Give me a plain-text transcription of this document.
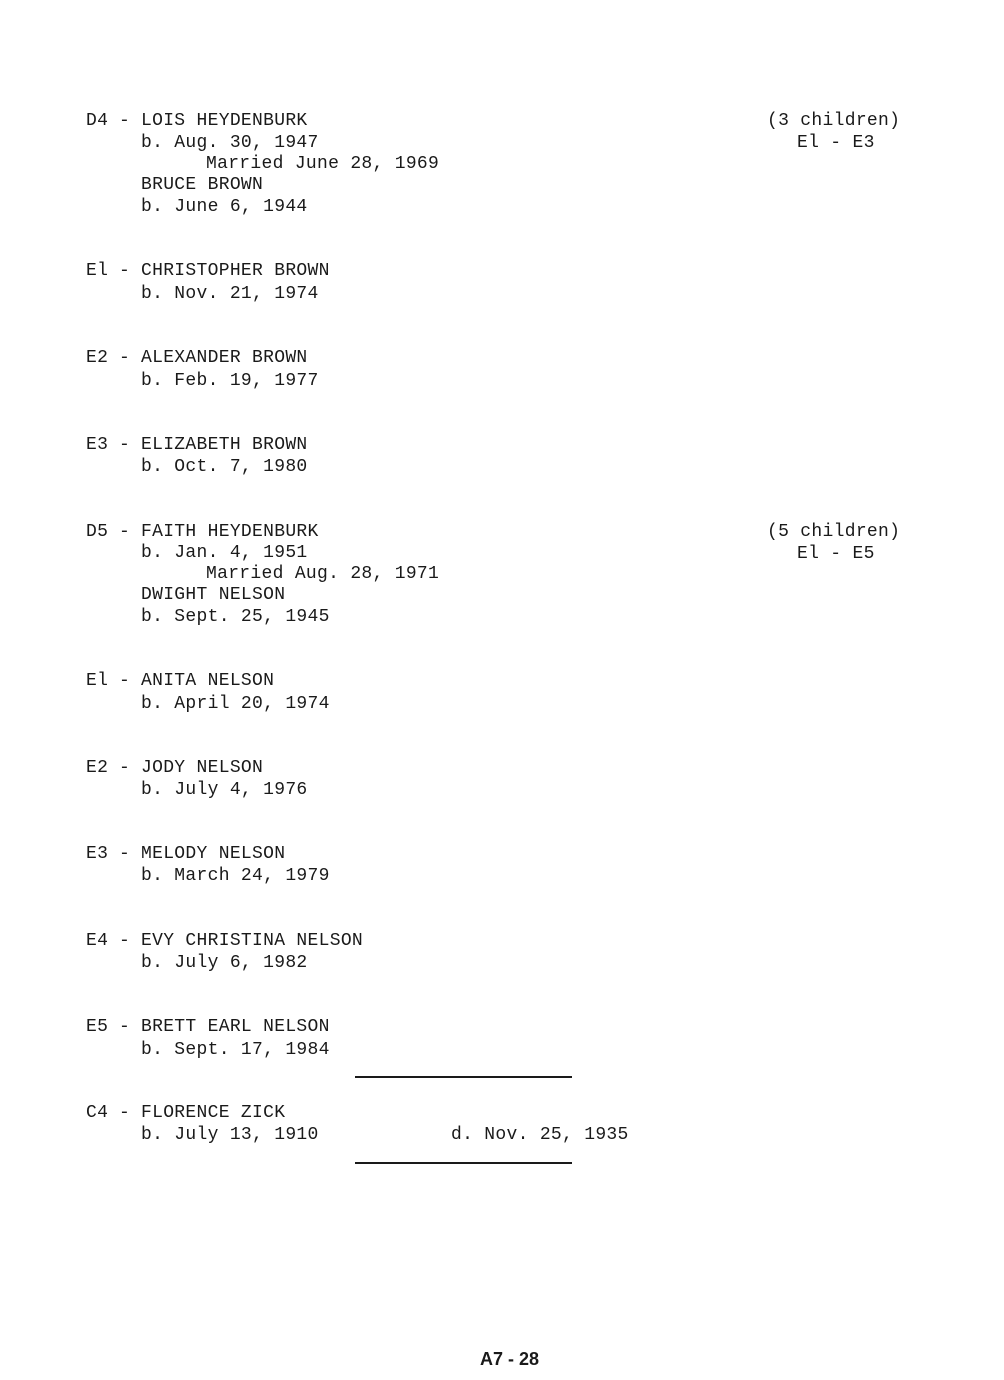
D4 - LOIS HEYDENBURK
b. Aug. 30, 1947
Married June 28, 1969
BRUCE BROWN
b. June 6, 1944
(3 children)
El - E3
El - CHRISTOPHER BROWN
b. Nov. 21, 1974
E2 - ALEXANDER BROWN
b. Feb. 19, 1977
E3 - ELIZABETH BROWN
b. Oct. 7, 1980
D5 - FAITH HEYDENBURK
b. Jan. 4, 1951
Married Aug. 28, 1971
DWIGHT NELSON
b. Sept. 25, 1945
(5 children)
El - E5
El - ANITA NELSON
b. April 20, 1974
E2 - JODY NELSON
b. July 4, 1976
E3 - MELODY NELSON
b. March 24, 1979
E4 - EVY CHRISTINA NELSON
b. July 6, 1982
E5 - BRETT EARL NELSON
b. Sept. 17, 1984
C4 - FLORENCE ZICK
b. July 13, 1910	d. Nov. 25, 1935
A7 - 28
